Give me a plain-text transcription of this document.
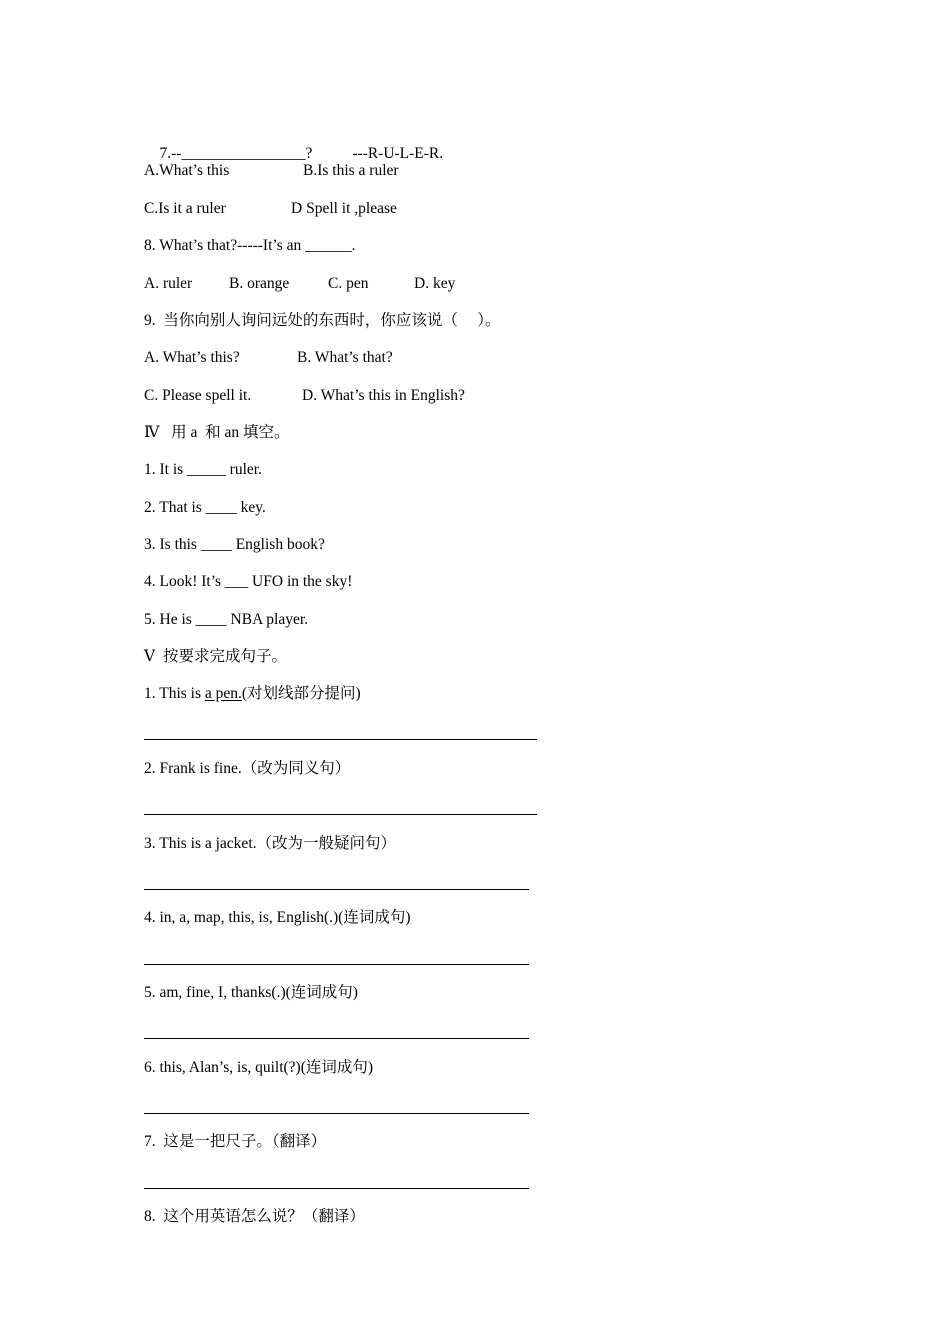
7.--________________?	---R-U-L-E-R.

A.What’s this	B.Is this a ruler
C.Is it a ruler	D Spell it ,please
8. What’s that?-----It’s an ______.
A. ruler B. orange C. pen	D. key
9.  当你向别人询问远处的东西时，你应该说（     ）。
A. What’s this?	B. What’s that?
C. Please spell it.	D. What’s this in English?
Ⅳ   用 a  和 an 填空。
1. It is _____ ruler.
2. That is ____ key.
3. Is this ____ English book?
4. Look! It’s ___ UFO in the sky!
5. He is ____ NBA player.
Ⅴ  按要求完成句子。
1. This is a pen.(对划线部分提问)
2. Frank is fine.（改为同义句）
3. This is a jacket.（改为一般疑问句）
4. in, a, map, this, is, English(.)(连词成句)
5. am, fine, I, thanks(.)(连词成句)
6. this, Alan’s, is, quilt(?)(连词成句)
7.  这是一把尺子。（翻译）
8.  这个用英语怎么说？（翻译）
